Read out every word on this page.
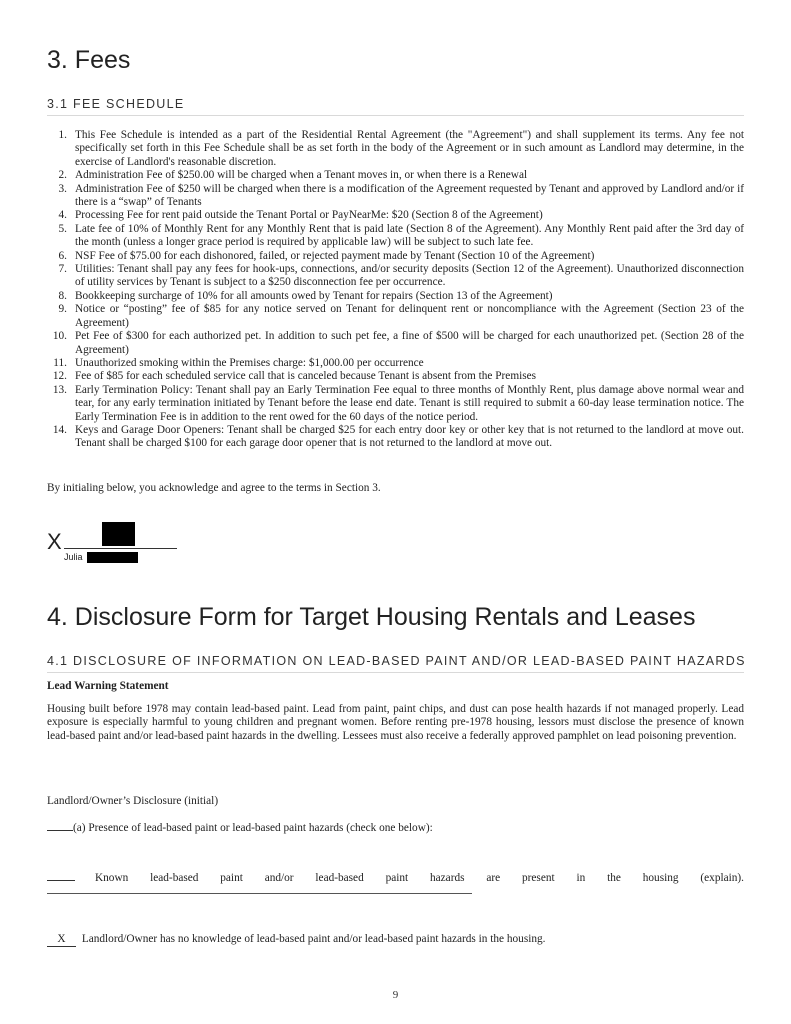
3. Fees
3.1 FEE SCHEDULE
1. This Fee Schedule is intended as a part of the Residential Rental Agreement (the "Agreement") and shall supplement its terms. Any fee not specifically set forth in this Fee Schedule shall be as set forth in the body of the Agreement or in such amount as Landlord may determine, in the exercise of Landlord's reasonable discretion.
2. Administration Fee of $250.00 will be charged when a Tenant moves in, or when there is a Renewal
3. Administration Fee of $250 will be charged when there is a modification of the Agreement requested by Tenant and approved by Landlord and/or if there is a “swap” of Tenants
4. Processing Fee for rent paid outside the Tenant Portal or PayNearMe: $20 (Section 8 of the Agreement)
5. Late fee of 10% of Monthly Rent for any Monthly Rent that is paid late (Section 8 of the Agreement). Any Monthly Rent paid after the 3rd day of the month (unless a longer grace period is required by applicable law) will be subject to such late fee.
6. NSF Fee of $75.00 for each dishonored, failed, or rejected payment made by Tenant (Section 10 of the Agreement)
7. Utilities: Tenant shall pay any fees for hook-ups, connections, and/or security deposits (Section 12 of the Agreement). Unauthorized disconnection of utility services by Tenant is subject to a $250 disconnection fee per occurrence.
8. Bookkeeping surcharge of 10% for all amounts owed by Tenant for repairs (Section 13 of the Agreement)
9. Notice or “posting” fee of $85 for any notice served on Tenant for delinquent rent or noncompliance with the Agreement (Section 23 of the Agreement)
10. Pet Fee of $300 for each authorized pet. In addition to such pet fee, a fine of $500 will be charged for each unauthorized pet. (Section 28 of the Agreement)
11. Unauthorized smoking within the Premises charge: $1,000.00 per occurrence
12. Fee of $85 for each scheduled service call that is canceled because Tenant is absent from the Premises
13. Early Termination Policy: Tenant shall pay an Early Termination Fee equal to three months of Monthly Rent, plus damage above normal wear and tear, for any early termination initiated by Tenant before the lease end date. Tenant is still required to submit a 60-day lease termination notice. The Early Termination Fee is in addition to the rent owed for the 60 days of the notice period.
14. Keys and Garage Door Openers: Tenant shall be charged $25 for each entry door key or other key that is not returned to the landlord at move out. Tenant shall be charged $100 for each garage door opener that is not returned to the landlord at move out.
By initialing below, you acknowledge and agree to the terms in Section 3.
X
Julia
4. Disclosure Form for Target Housing Rentals and Leases
4.1 DISCLOSURE OF INFORMATION ON LEAD-BASED PAINT AND/OR LEAD-BASED PAINT HAZARDS
Lead Warning Statement
Housing built before 1978 may contain lead-based paint. Lead from paint, paint chips, and dust can pose health hazards if not managed properly. Lead exposure is especially harmful to young children and pregnant women. Before renting pre-1978 housing, lessors must disclose the presence of known lead-based paint and/or lead-based paint hazards in the dwelling. Lessees must also receive a federally approved pamphlet on lead poisoning prevention.
Landlord/Owner’s Disclosure (initial)
(a) Presence of lead-based paint or lead-based paint hazards (check one below):
Known lead-based paint and/or lead-based paint hazards are present in the housing (explain).
X Landlord/Owner has no knowledge of lead-based paint and/or lead-based paint hazards in the housing.
9
